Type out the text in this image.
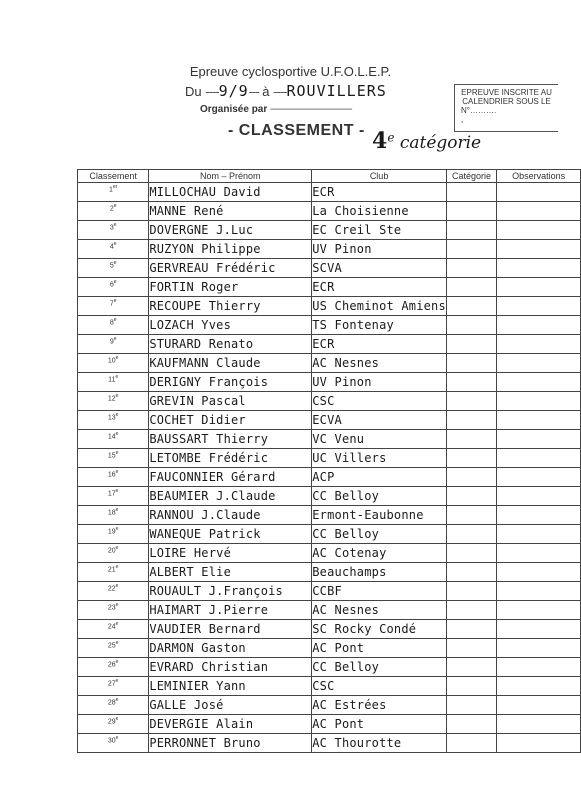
Epreuve cyclosportive U.F.O.L.E.P.
Du ----9/9--- à ----ROUVILLERS
Organisée par -----------------------------------
- CLASSEMENT - 4e catégorie
EPREUVE INSCRITE AU
CALENDRIER SOUS LE

N°……….
,
Classement	Nom – Prénom	Club	Catégorie	Observations
1er	MILLOCHAU David	ECR		
2e	MANNE René	La Choisienne		
3e	DOVERGNE J.Luc	EC Creil Ste		
4e	RUZYON Philippe	UV Pinon		
5e	GERVREAU Frédéric	SCVA		
6e	FORTIN Roger	ECR		
7e	RECOUPE Thierry	US Cheminot Amiens		
8e	LOZACH Yves	TS Fontenay		
9e	STURARD Renato	ECR		
10e	KAUFMANN Claude	AC Nesnes		
11e	DERIGNY François	UV Pinon		
12e	GREVIN Pascal	CSC		
13e	COCHET Didier	ECVA		
14e	BAUSSART Thierry	VC Venu		
15e	LETOMBE Frédéric	UC Villers		
16e	FAUCONNIER Gérard	ACP		
17e	BEAUMIER J.Claude	CC Belloy		
18e	RANNOU J.Claude	Ermont-Eaubonne		
19e	WANEQUE Patrick	CC Belloy		
20e	LOIRE Hervé	AC Cotenay		
21e	ALBERT Elie	Beauchamps		
22e	ROUAULT J.François	CCBF		
23e	HAIMART J.Pierre	AC Nesnes		
24e	VAUDIER Bernard	SC Rocky Condé		
25e	DARMON Gaston	AC Pont		
26e	EVRARD Christian	CC Belloy		
27e	LEMINIER Yann	CSC		
28e	GALLE José	AC Estrées		
29e	DEVERGIE Alain	AC Pont		
30e	PERRONNET Bruno	AC Thourotte		
